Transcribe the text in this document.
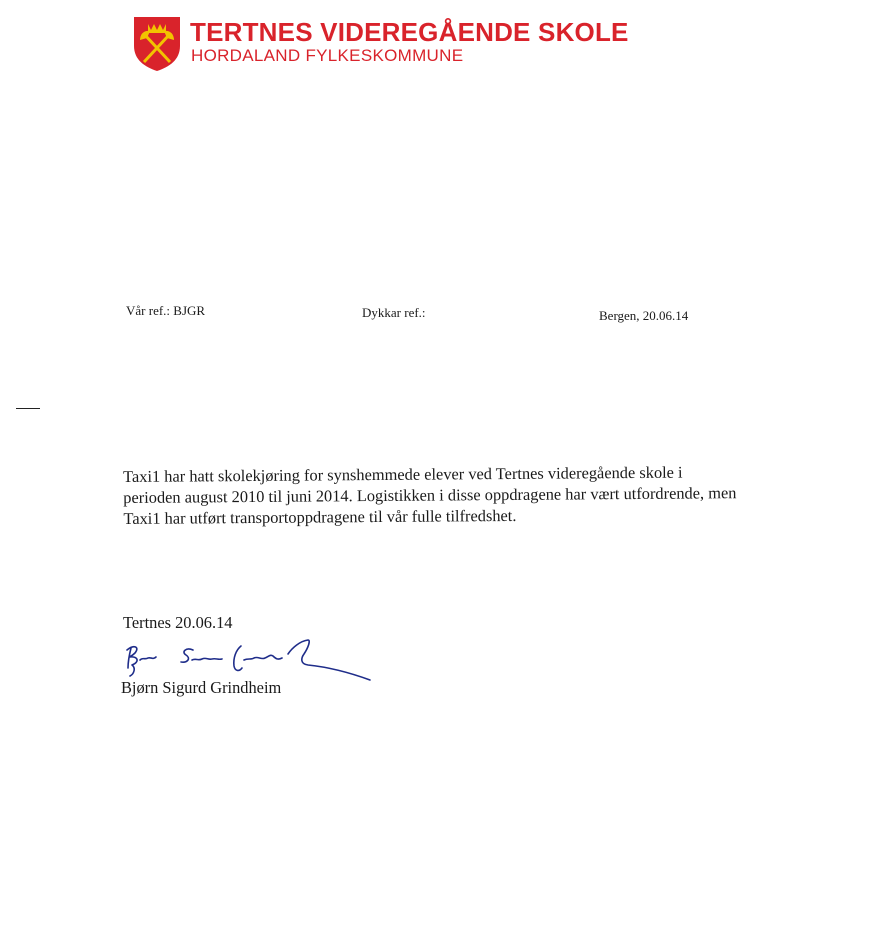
TERTNES VIDEREGÅENDE SKOLE
HORDALAND FYLKESKOMMUNE
Vår ref.: BJGR	Dykkar ref.:	Bergen, 20.06.14

Taxi1 har hatt skolekjøring for synshemmede elever ved Tertnes videregående skole i

perioden august 2010 til juni 2014. Logistikken i disse oppdragene har vært utfordrende, men

Taxi1 har utført transportoppdragene til vår fulle tilfredshet.

Tertnes 20.06.14
Bjørn Sigurd Grindheim
